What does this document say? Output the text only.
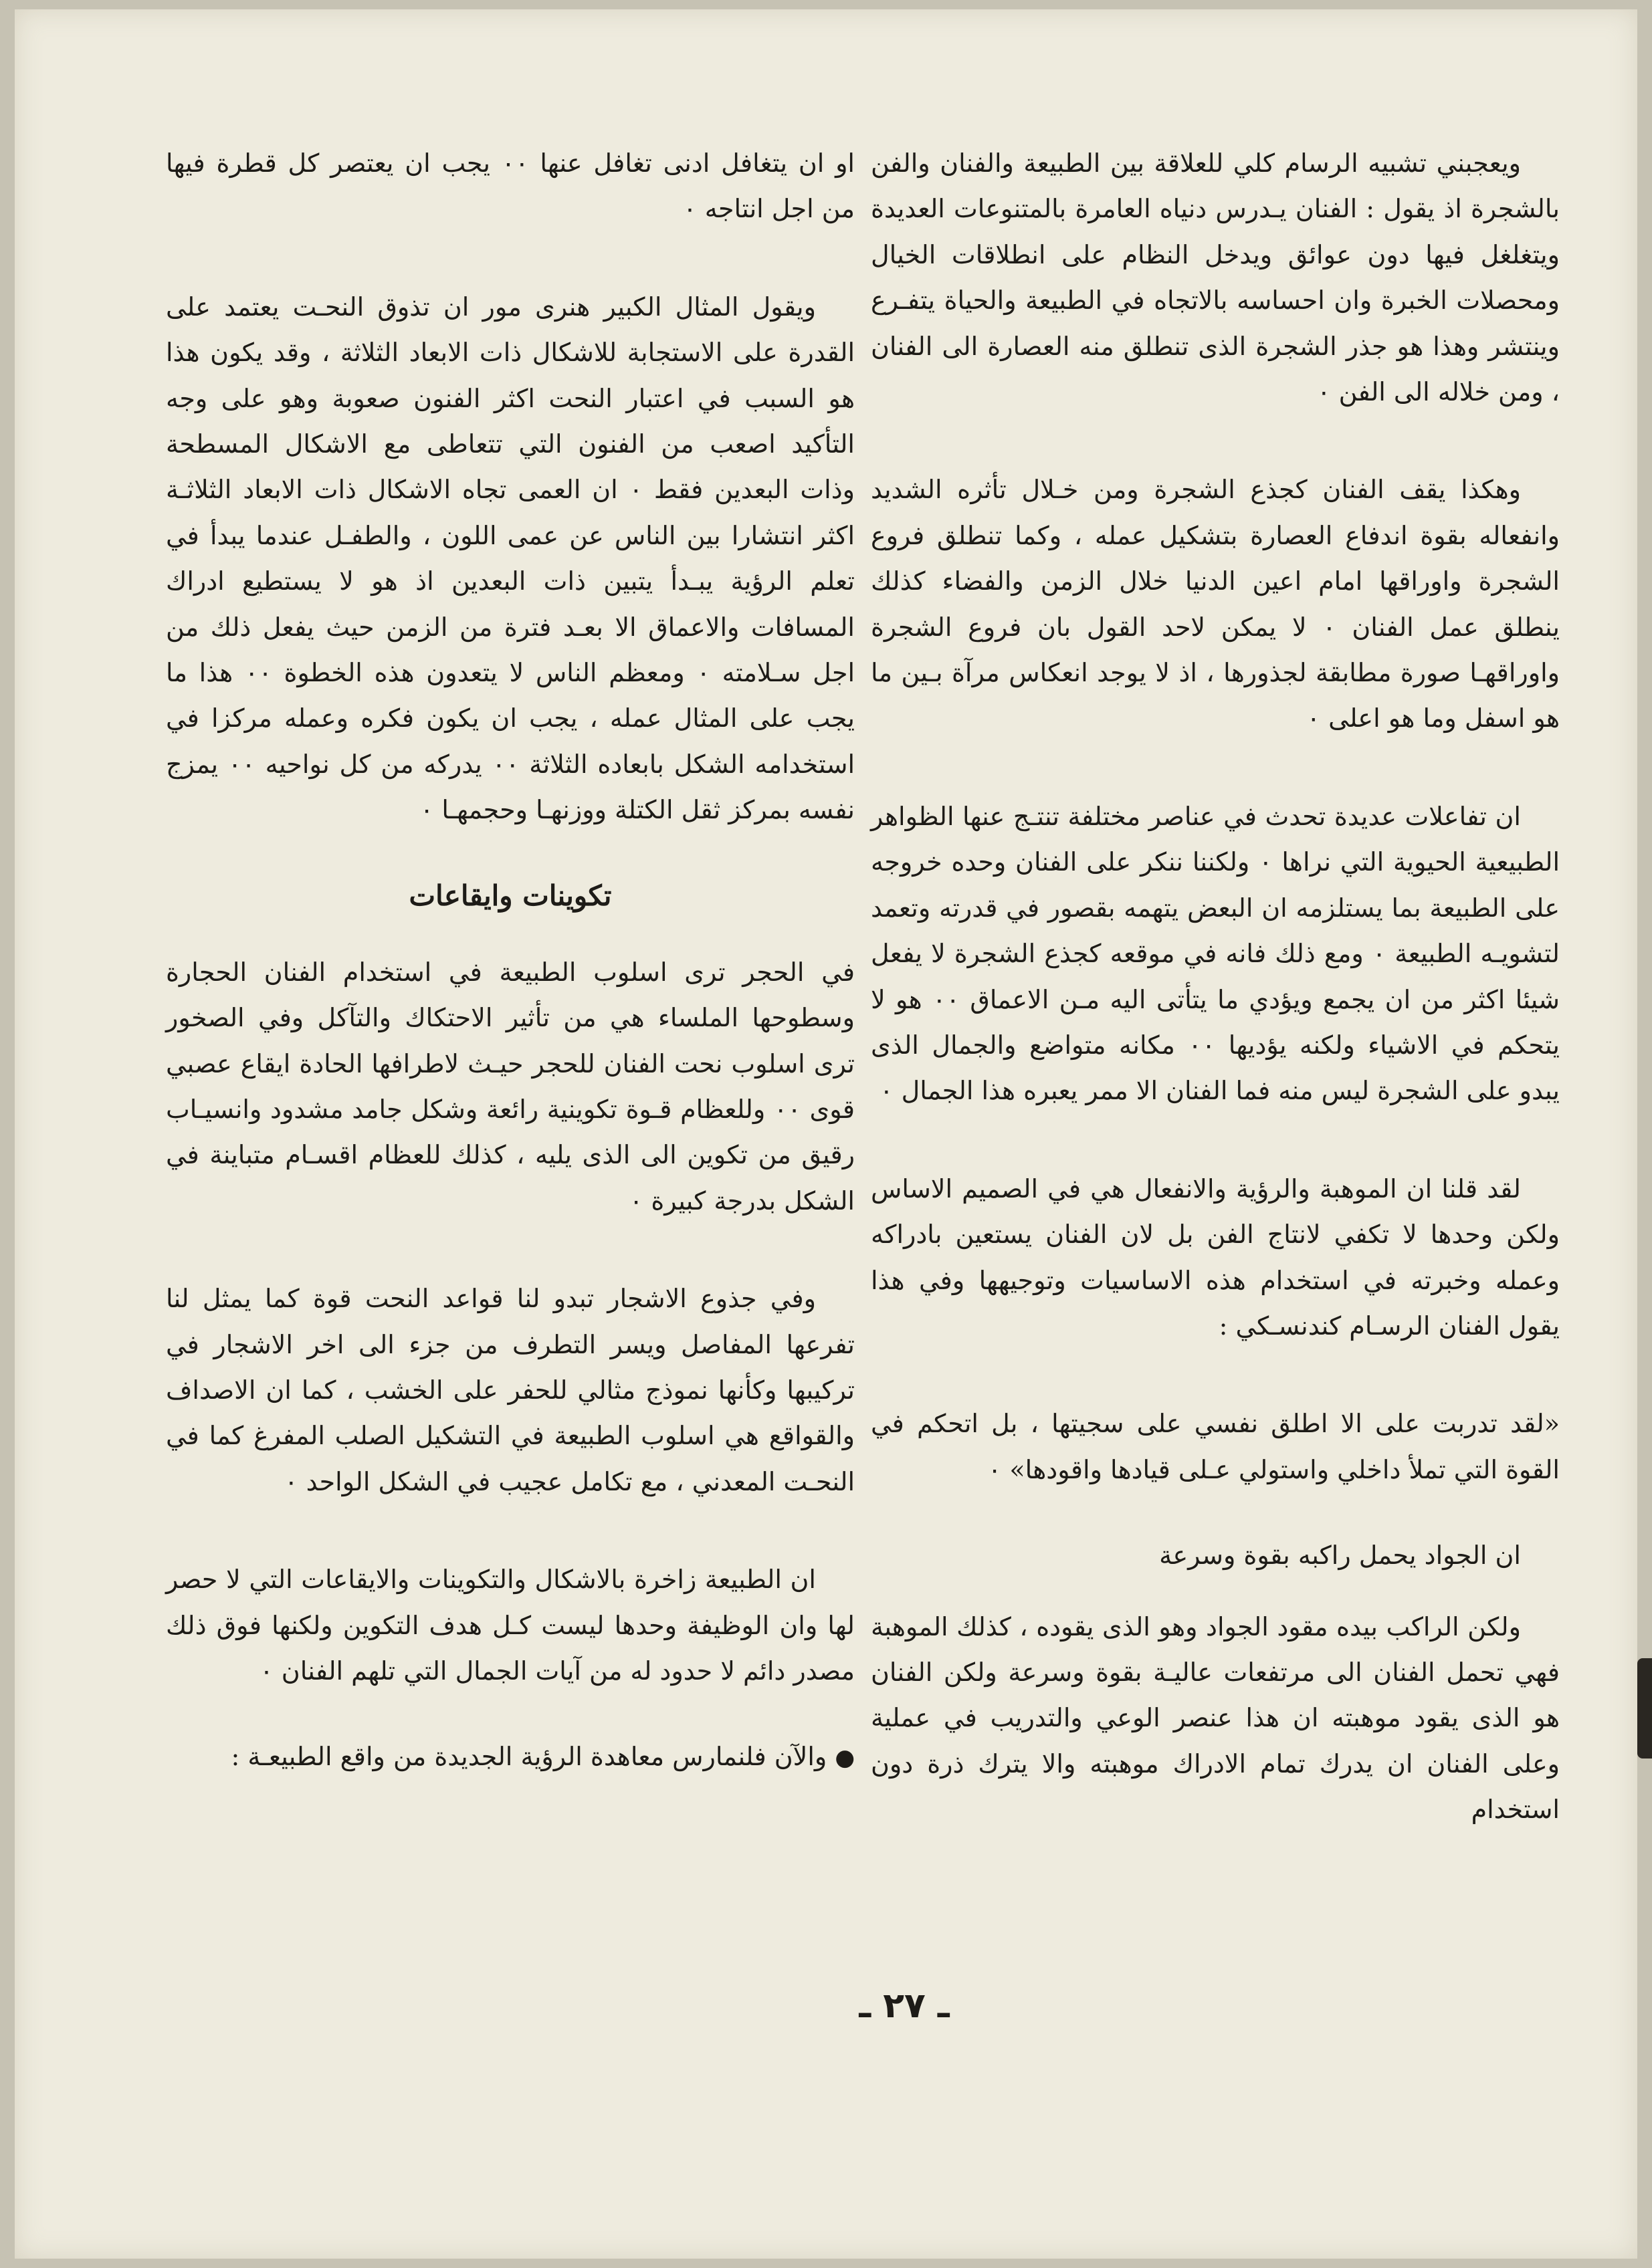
ويعجبني تشبيه الرسام كلي للعلاقة بين الطبيعة والفنان والفن بالشجرة اذ يقول : الفنان يـدرس دنياه العامرة بالمتنوعات العديدة ويتغلغل فيها دون عوائق ويدخل النظام على انطلاقات الخيال ومحصلات الخبرة وان احساسه بالاتجاه في الطبيعة والحياة يتفـرع وينتشر وهذا هو جذر الشجرة الذى تنطلق منه العصارة الى الفنان ، ومن خلاله الى الفن ٠

وهكذا يقف الفنان كجذع الشجرة ومن خـلال تأثره الشديد وانفعاله بقوة اندفاع العصارة بتشكيل عمله ، وكما تنطلق فروع الشجرة واوراقها امام اعين الدنيا خلال الزمن والفضاء كذلك ينطلق عمل الفنان ٠ لا يمكن لاحد القول بان فروع الشجرة واوراقهـا صورة مطابقة لجذورها ، اذ لا يوجد انعكاس مرآة بـين ما هو اسفل وما هو اعلى ٠

ان تفاعلات عديدة تحدث في عناصر مختلفة تنتـج عنها الظواهر الطبيعية الحيوية التي نراها ٠ ولكننا ننكر على الفنان وحده خروجه على الطبيعة بما يستلزمه ان البعض يتهمه بقصور في قدرته وتعمد لتشويـه الطبيعة ٠ ومع ذلك فانه في موقعه كجذع الشجرة لا يفعل شيئا اكثر من ان يجمع ويؤدي ما يتأتى اليه مـن الاعماق ٠٠ هو لا يتحكم في الاشياء ولكنه يؤديها ٠٠ مكانه متواضع والجمال الذى يبدو على الشجرة ليس منه فما الفنان الا ممر يعبره هذا الجمال ٠

لقد قلنا ان الموهبة والرؤية والانفعال هي في الصميم الاساس ولكن وحدها لا تكفي لانتاج الفن بل لان الفنان يستعين بادراكه وعمله وخبرته في استخدام هذه الاساسيات وتوجيهها وفي هذا يقول الفنان الرسـام كندنسـكي :

«لقد تدربت على الا اطلق نفسي على سجيتها ، بل اتحكم في القوة التي تملأ داخلي واستولي عـلى قيادها واقودها» ٠

ان الجواد يحمل راكبه بقوة وسرعة

ولكن الراكب بيده مقود الجواد وهو الذى يقوده ، كذلك الموهبة فهي تحمل الفنان الى مرتفعات عاليـة بقوة وسرعة ولكن الفنان هو الذى يقود موهبته ان هذا عنصر الوعي والتدريب في عملية وعلى الفنان ان يدرك تمام الادراك موهبته والا يترك ذرة دون استخدام

او ان يتغافل ادنى تغافل عنها ٠٠ يجب ان يعتصر كل قطرة فيها من اجل انتاجه ٠

ويقول المثال الكبير هنرى مور ان تذوق النحـت يعتمد على القدرة على الاستجابة للاشكال ذات الابعاد الثلاثة ، وقد يكون هذا هو السبب في اعتبار النحت اكثر الفنون صعوبة وهو على وجه التأكيد اصعب من الفنون التي تتعاطى مع الاشكال المسطحة وذات البعدين فقط ٠ ان العمى تجاه الاشكال ذات الابعاد الثلاثـة اكثر انتشارا بين الناس عن عمى اللون ، والطفـل عندما يبدأ في تعلم الرؤية يبـدأ يتبين ذات البعدين اذ هو لا يستطيع ادراك المسافات والاعماق الا بعـد فترة من الزمن حيث يفعل ذلك من اجل سـلامته ٠ ومعظم الناس لا يتعدون هذه الخطوة ٠٠ هذا ما يجب على المثال عمله ، يجب ان يكون فكره وعمله مركزا في استخدامه الشكل بابعاده الثلاثة ٠٠ يدركه من كل نواحيه ٠٠ يمزج نفسه بمركز ثقل الكتلة ووزنهـا وحجمهـا ٠

تكوينات وايقاعات

في الحجر ترى اسلوب الطبيعة في استخدام الفنان الحجارة وسطوحها الملساء هي من تأثير الاحتكاك والتآكل وفي الصخور ترى اسلوب نحت الفنان للحجر حيـث لاطرافها الحادة ايقاع عصبي قوى ٠٠ وللعظام قـوة تكوينية رائعة وشكل جامد مشدود وانسيـاب رقيق من تكوين الى الذى يليه ، كذلك للعظام اقسـام متباينة في الشكل بدرجة كبيرة ٠

وفي جذوع الاشجار تبدو لنا قواعد النحت قوة كما يمثل لنا تفرعها المفاصل ويسر التطرف من جزء الى اخر الاشجار في تركيبها وكأنها نموذج مثالي للحفر على الخشب ، كما ان الاصداف والقواقع هي اسلوب الطبيعة في التشكيل الصلب المفرغ كما في النحـت المعدني ، مع تكامل عجيب في الشكل الواحد ٠

ان الطبيعة زاخرة بالاشكال والتكوينات والايقاعات التي لا حصر لها وان الوظيفة وحدها ليست كـل هدف التكوين ولكنها فوق ذلك مصدر دائم لا حدود له من آيات الجمال التي تلهم الفنان ٠

● والآن فلنمارس معاهدة الرؤية الجديدة من واقع الطبيعـة :

ـ ٢٧ ـ
